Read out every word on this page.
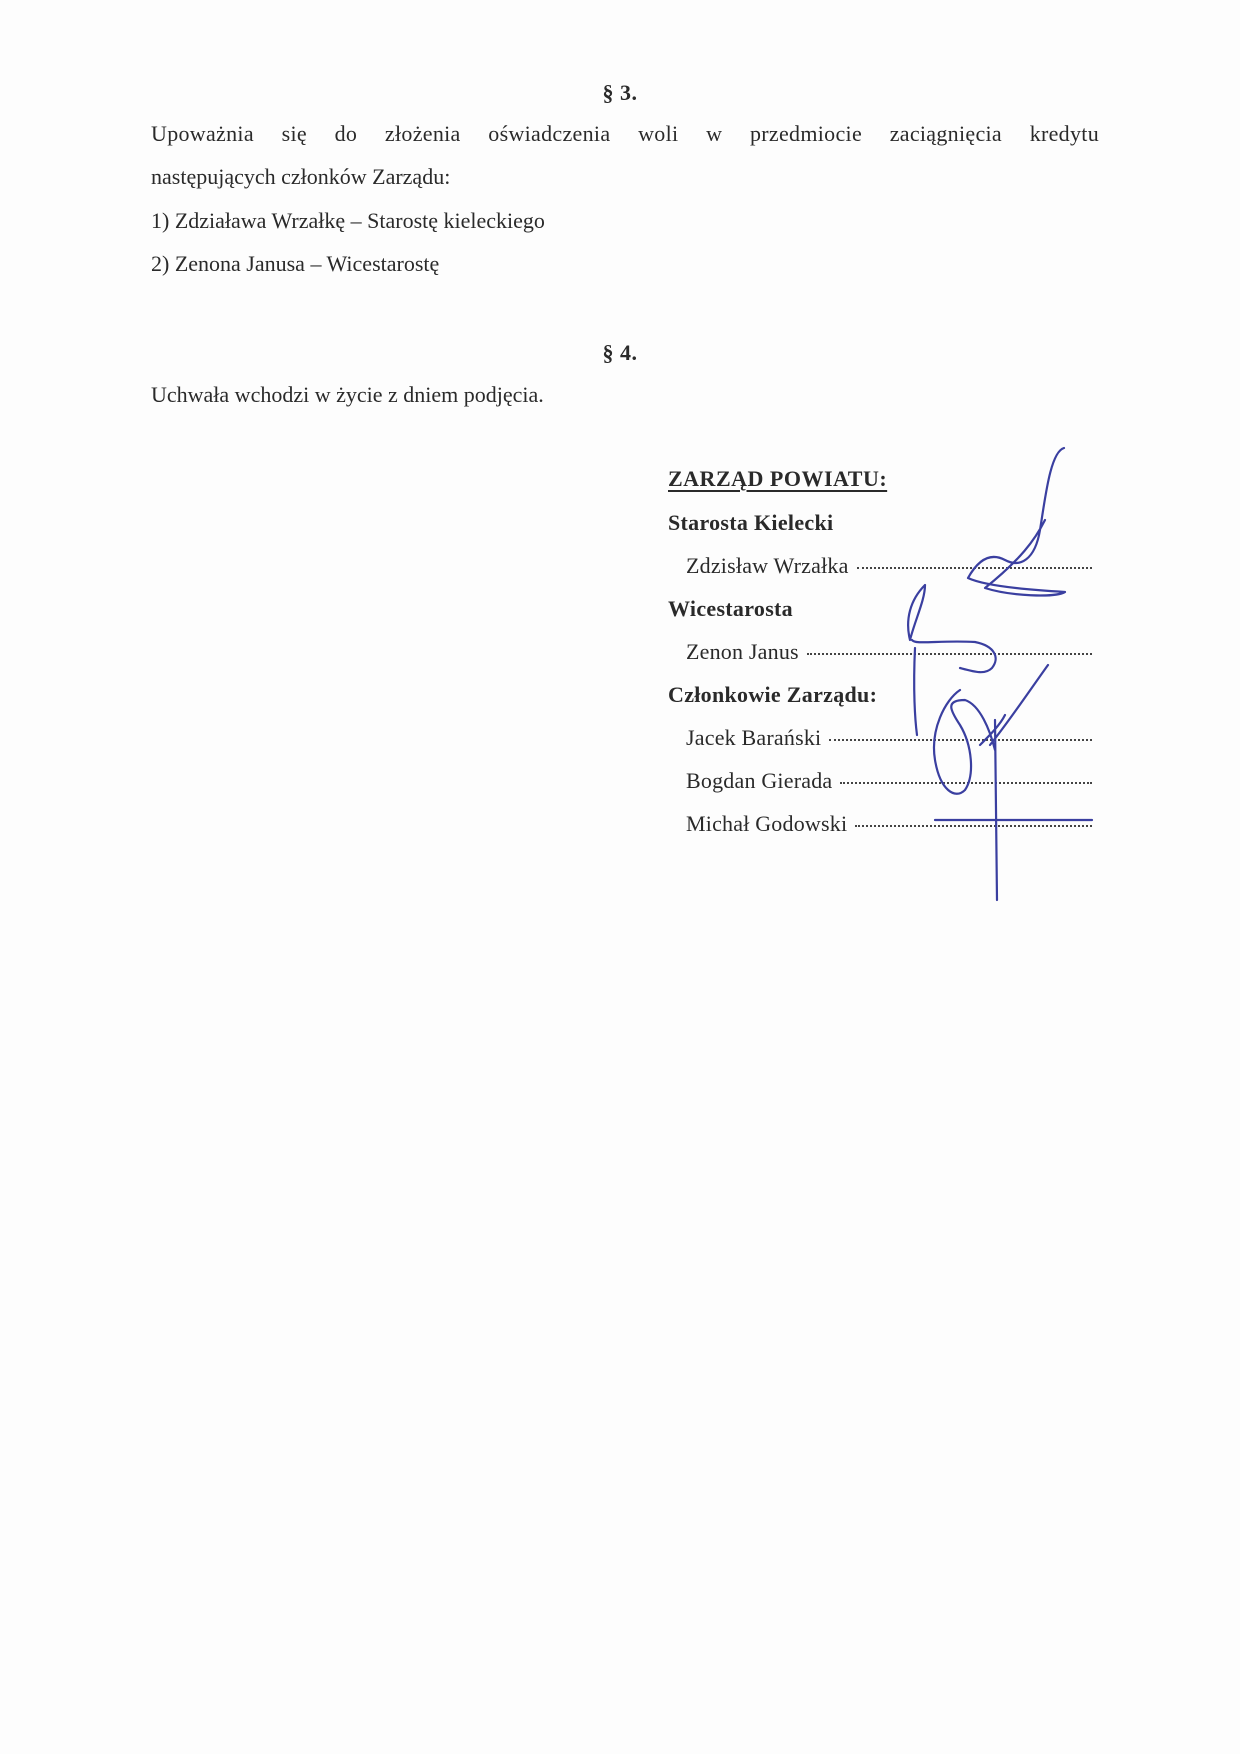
§ 3.
Upoważnia się do złożenia oświadczenia woli w przedmiocie zaciągnięcia kredytu
następujących członków Zarządu:
1) Zdziaława Wrzałkę – Starostę kieleckiego
2) Zenona Janusa – Wicestarostę
§ 4.
Uchwała wchodzi w życie z dniem podjęcia.
ZARZĄD POWIATU:
Starosta Kielecki
Zdzisław Wrzałka
Wicestarosta
Zenon Janus
Członkowie Zarządu:
Jacek Barański
Bogdan Gierada
Michał Godowski
